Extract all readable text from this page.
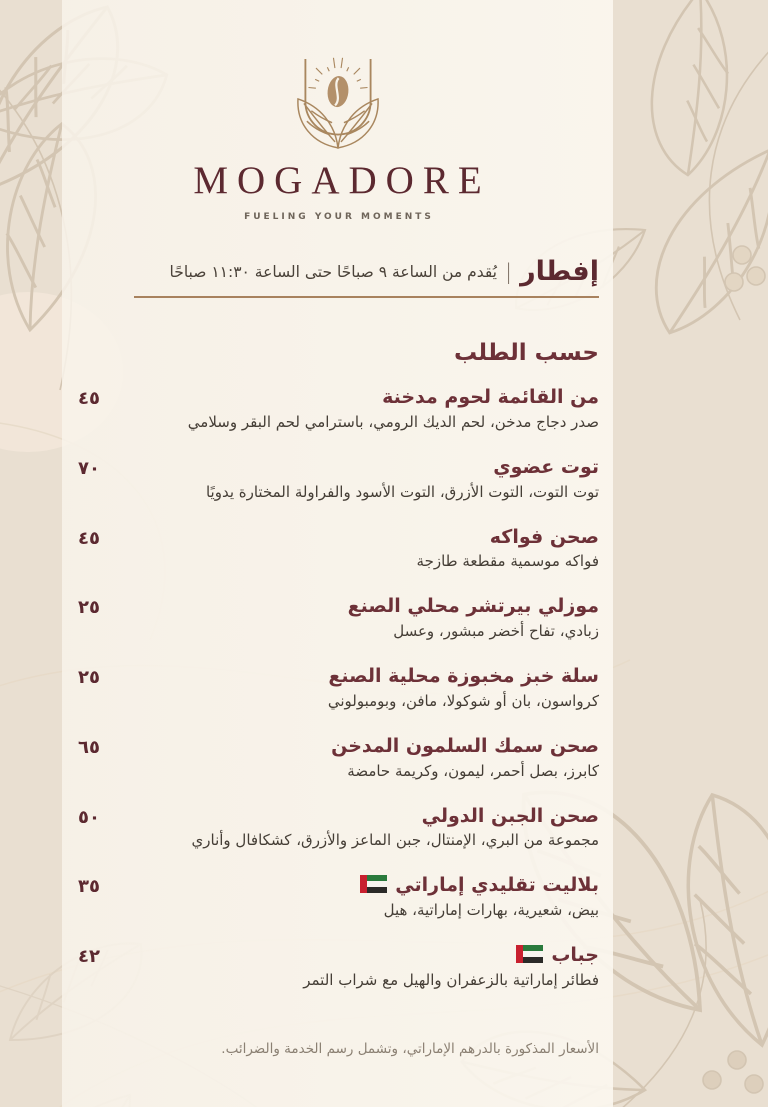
MOGADORE
FUELING YOUR MOMENTS
إفطار
|
يُقدم من الساعة ٩ صباحًا حتى الساعة ١١:٣٠ صباحًا
حسب الطلب
من القائمة لحوم مدخنة
صدر دجاج مدخن، لحم الديك الرومي، باسترامي لحم البقر وسلامي
٤٥
توت عضوي
توت التوت، التوت الأزرق، التوت الأسود والفراولة المختارة يدويًا
٧٠
صحن فواكه
فواكه موسمية مقطعة طازجة
٤٥
موزلي بيرتشر محلي الصنع
زبادي، تفاح أخضر مبشور، وعسل
٢٥
سلة خبز مخبوزة محلية الصنع
كرواسون، بان أو شوكولا، مافن، وبومبولوني
٢٥
صحن سمك السلمون المدخن
كابرز، بصل أحمر، ليمون، وكريمة حامضة
٦٥
صحن الجبن الدولي
مجموعة من البري، الإمنتال، جبن الماعز والأزرق، كشكافال وأناري
٥٠
بلاليت تقليدي إماراتي
بيض، شعيرية، بهارات إماراتية، هيل
٣٥
جباب
فطائر إماراتية بالزعفران والهيل مع شراب التمر
٤٢
الأسعار المذكورة بالدرهم الإماراتي، وتشمل رسم الخدمة والضرائب.
